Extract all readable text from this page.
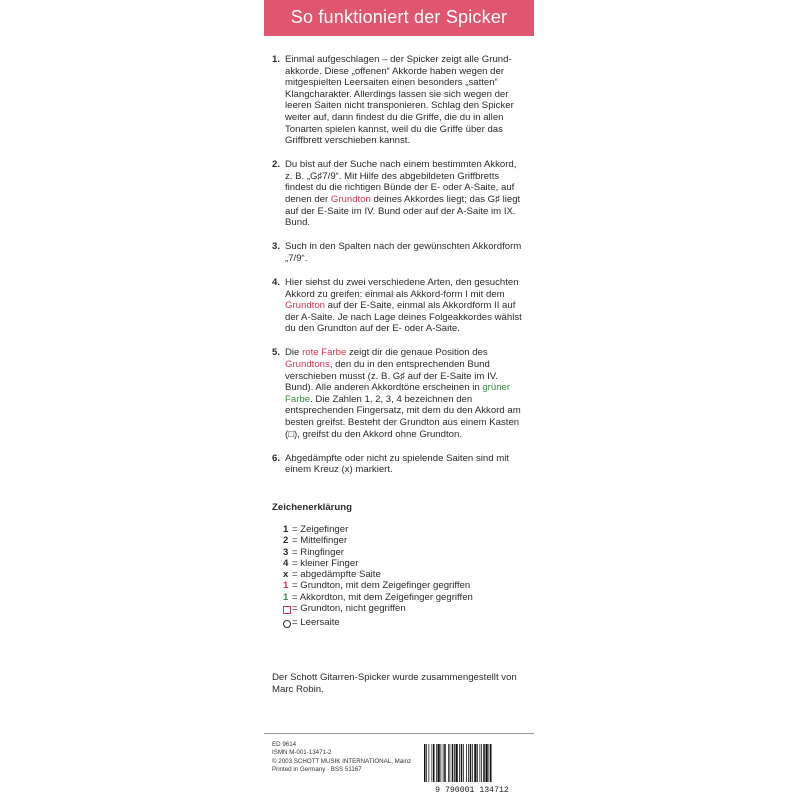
So funktioniert der Spicker
1. Einmal aufgeschlagen – der Spicker zeigt alle Grund-akkorde. Diese „offenen“ Akkorde haben wegen der mitgespielten Leersaiten einen besonders „satten“ Klangcharakter. Allerdings lassen sie sich wegen der leeren Saiten nicht transponieren. Schlag den Spicker weiter auf, dann findest du die Griffe, die du in allen Tonarten spielen kannst, weil du die Griffe über das Griffbrett verschieben kannst.
2. Du bist auf der Suche nach einem bestimmten Akkord, z. B. „G♯7/9“. Mit Hilfe des abgebildeten Griffbretts findest du die richtigen Bünde der E- oder A-Saite, auf denen der Grundton deines Akkordes liegt; das G♯ liegt auf der E-Saite im IV. Bund oder auf der A-Saite im IX. Bund.
3. Such in den Spalten nach der gewünschten Akkordform „7/9“.
4. Hier siehst du zwei verschiedene Arten, den gesuchten Akkord zu greifen: einmal als Akkord-form I mit dem Grundton auf der E-Saite, einmal als Akkordform II auf der A-Saite. Je nach Lage deines Folgeakkordes wählst du den Grundton auf der E- oder A-Saite.
5. Die rote Farbe zeigt dir die genaue Position des Grundtons, den du in den entsprechenden Bund verschieben musst (z. B. G♯ auf der E-Saite im IV. Bund). Alle anderen Akkordtöne erscheinen in grüner Farbe. Die Zahlen 1, 2, 3, 4 bezeichnen den entsprechenden Fingersatz, mit dem du den Akkord am besten greifst. Besteht der Grundton aus einem Kasten (□), greifst du den Akkord ohne Grundton.
6. Abgedämpfte oder nicht zu spielende Saiten sind mit einem Kreuz (x) markiert.
Zeichenerklärung
1 = Zeigefinger
2 = Mittelfinger
3 = Ringfinger
4 = kleiner Finger
x = abgedämpfte Saite
1 = Grundton, mit dem Zeigefinger gegriffen
1 = Akkordton, mit dem Zeigefinger gegriffen
= Grundton, nicht gegriffen
= Leersaite
Der Schott Gitarren-Spicker wurde zusammengestellt von Marc Robin.
ED 9614
ISMN M-001-13471-2
© 2003 SCHOTT MUSIK INTERNATIONAL, Mainz
Printed in Germany · BSS 51167
9 790001 134712
